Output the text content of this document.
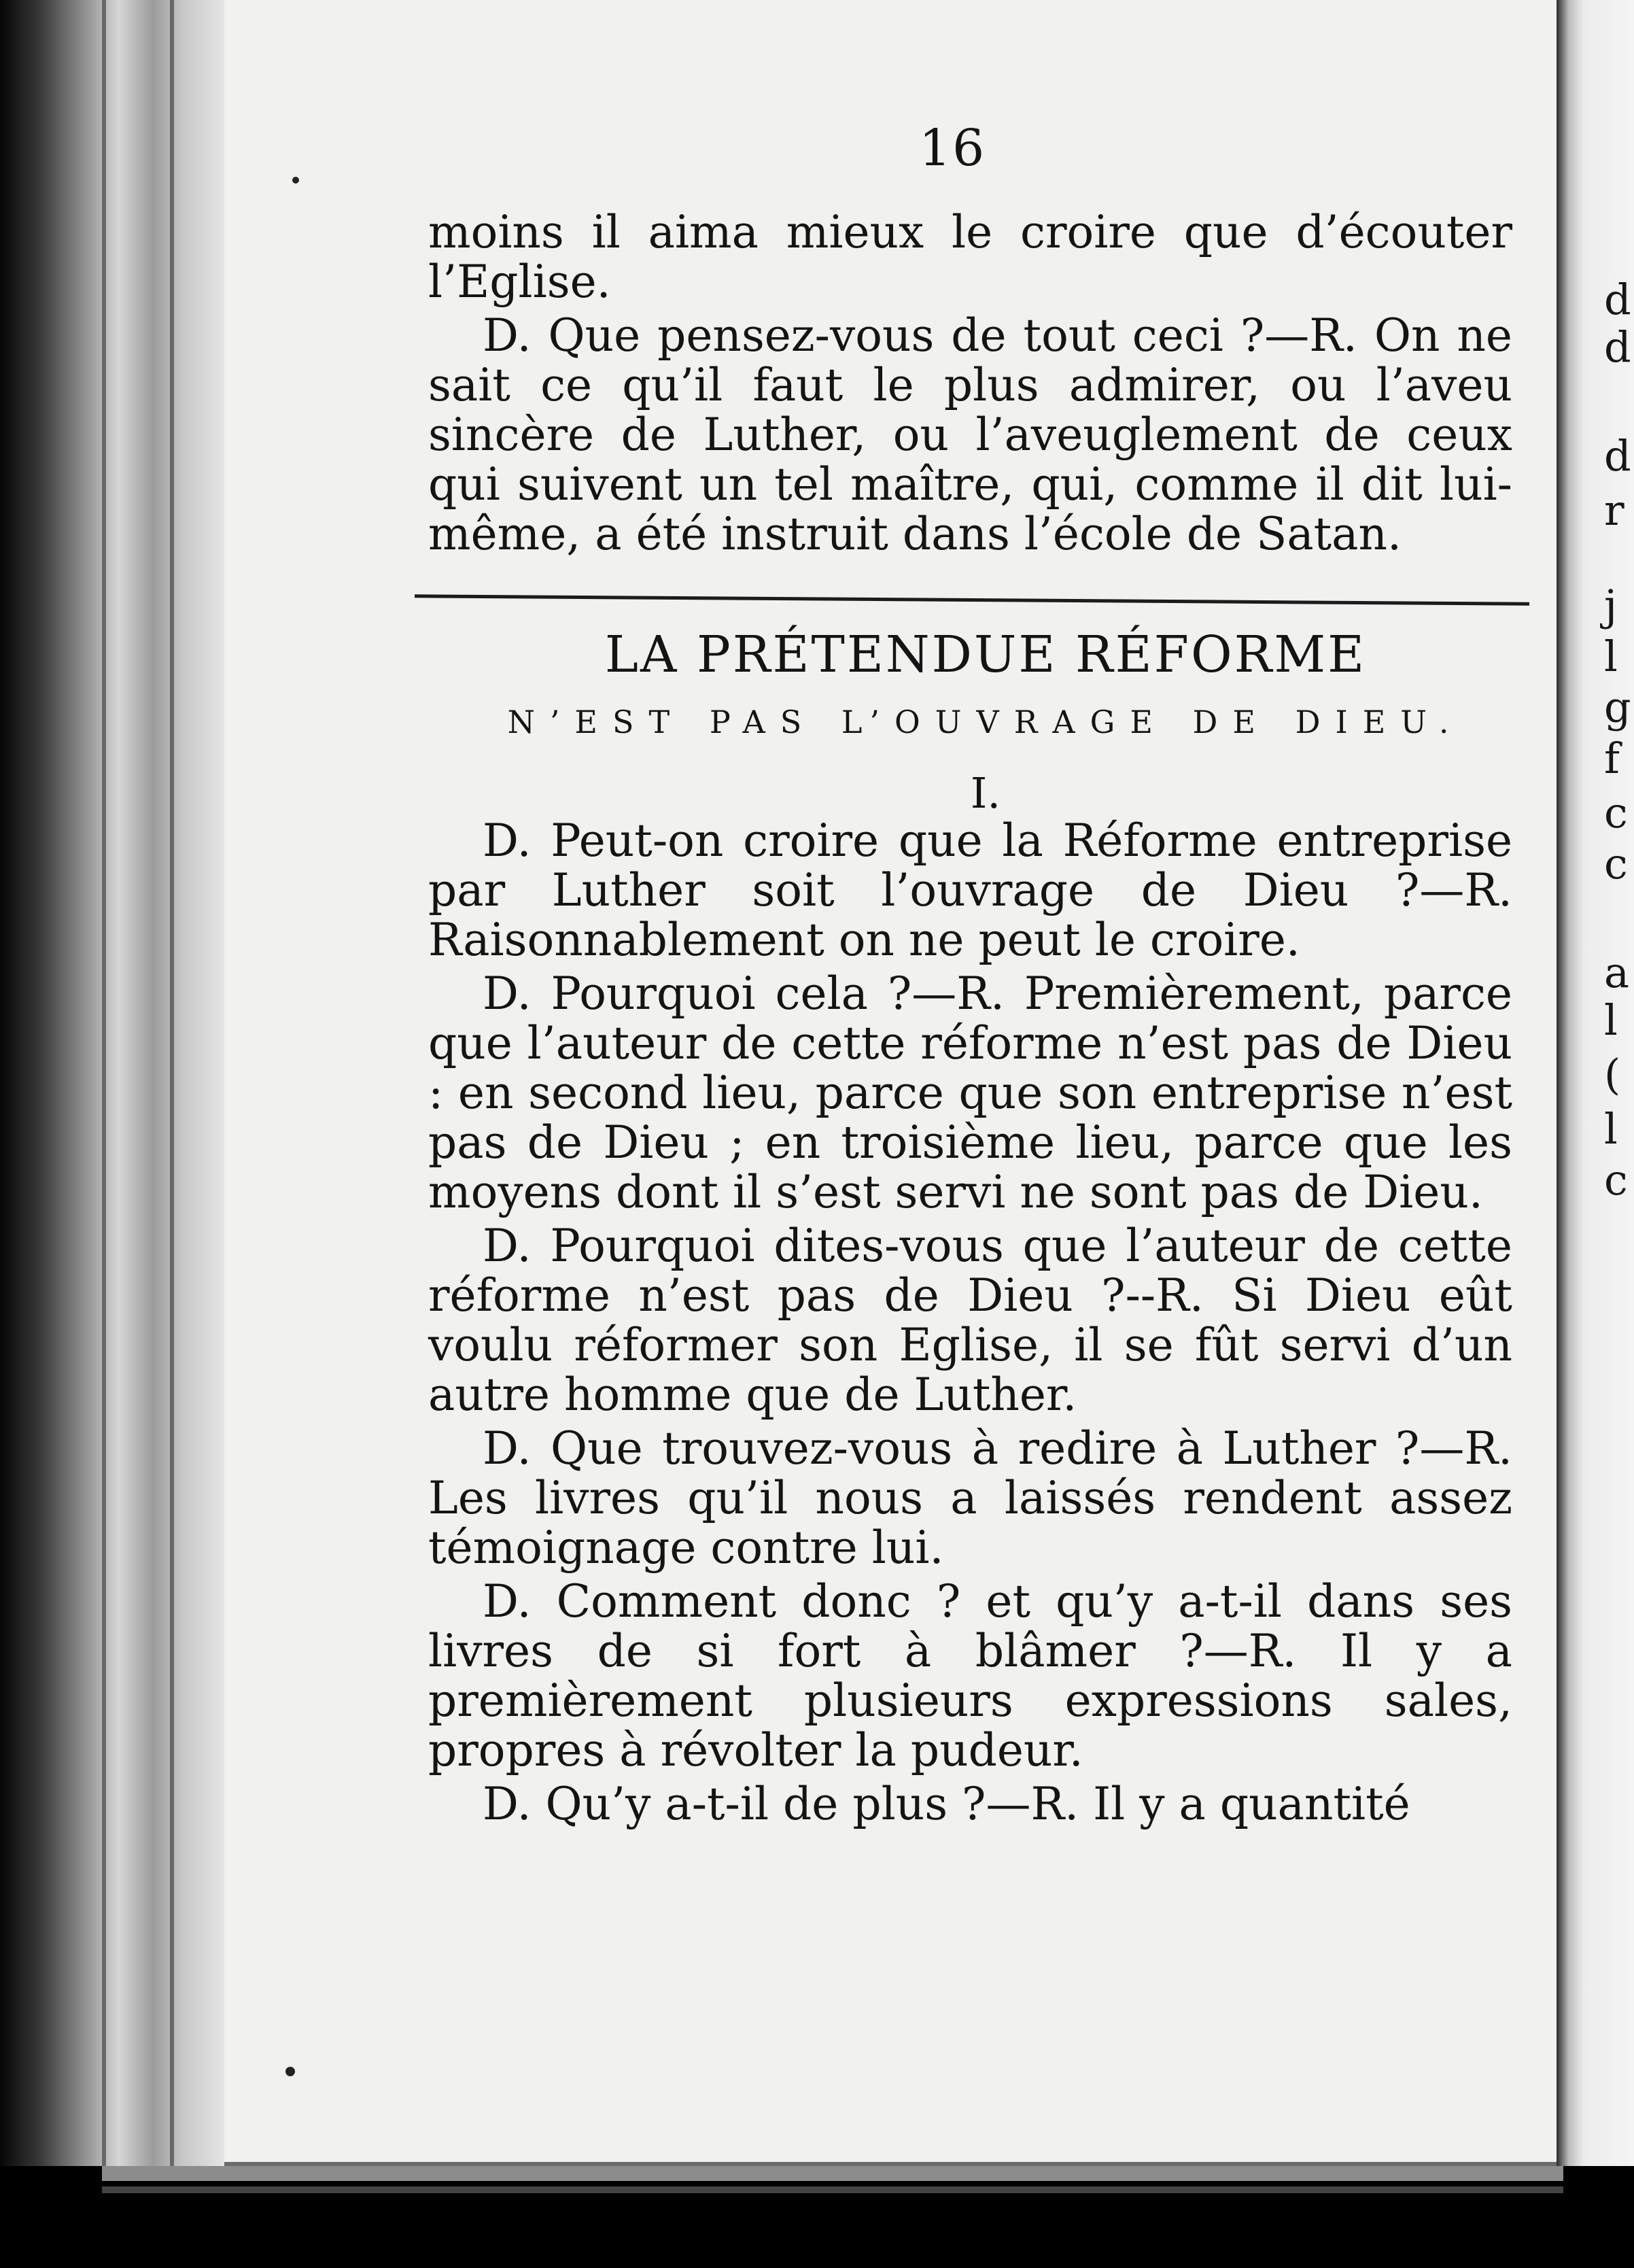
16

moins il aima mieux le croire que d’écouter l’Eglise.

D. Que pensez-vous de tout ceci ?—R. On ne sait ce qu’il faut le plus admirer, ou l’aveu sincère de Luther, ou l’aveuglement de ceux qui suivent un tel maître, qui, comme il dit lui-même, a été instruit dans l’école de Satan.

LA PRÉTENDUE RÉFORME
N’EST PAS L’OUVRAGE DE DIEU.
I.

D. Peut-on croire que la Réforme entreprise par Luther soit l’ouvrage de Dieu ?—R. Raisonnablement on ne peut le croire.

D. Pourquoi cela ?—R. Premièrement, parce que l’auteur de cette réforme n’est pas de Dieu : en second lieu, parce que son entreprise n’est pas de Dieu ; en troisième lieu, parce que les moyens dont il s’est servi ne sont pas de Dieu.

D. Pourquoi dites-vous que l’auteur de cette réforme n’est pas de Dieu ?--R. Si Dieu eût voulu réformer son Eglise, il se fût servi d’un autre homme que de Luther.

D. Que trouvez-vous à redire à Luther ?—R. Les livres qu’il nous a laissés rendent assez témoignage contre lui.

D. Comment donc ? et qu’y a-t-il dans ses livres de si fort à blâmer ?—R. Il y a premièrement plusieurs expressions sales, propres à révolter la pudeur.

D. Qu’y a-t-il de plus ?—R. Il y a quantité

d
d
d
r
j
l
g
f
c
c
a
l
(
l
c
